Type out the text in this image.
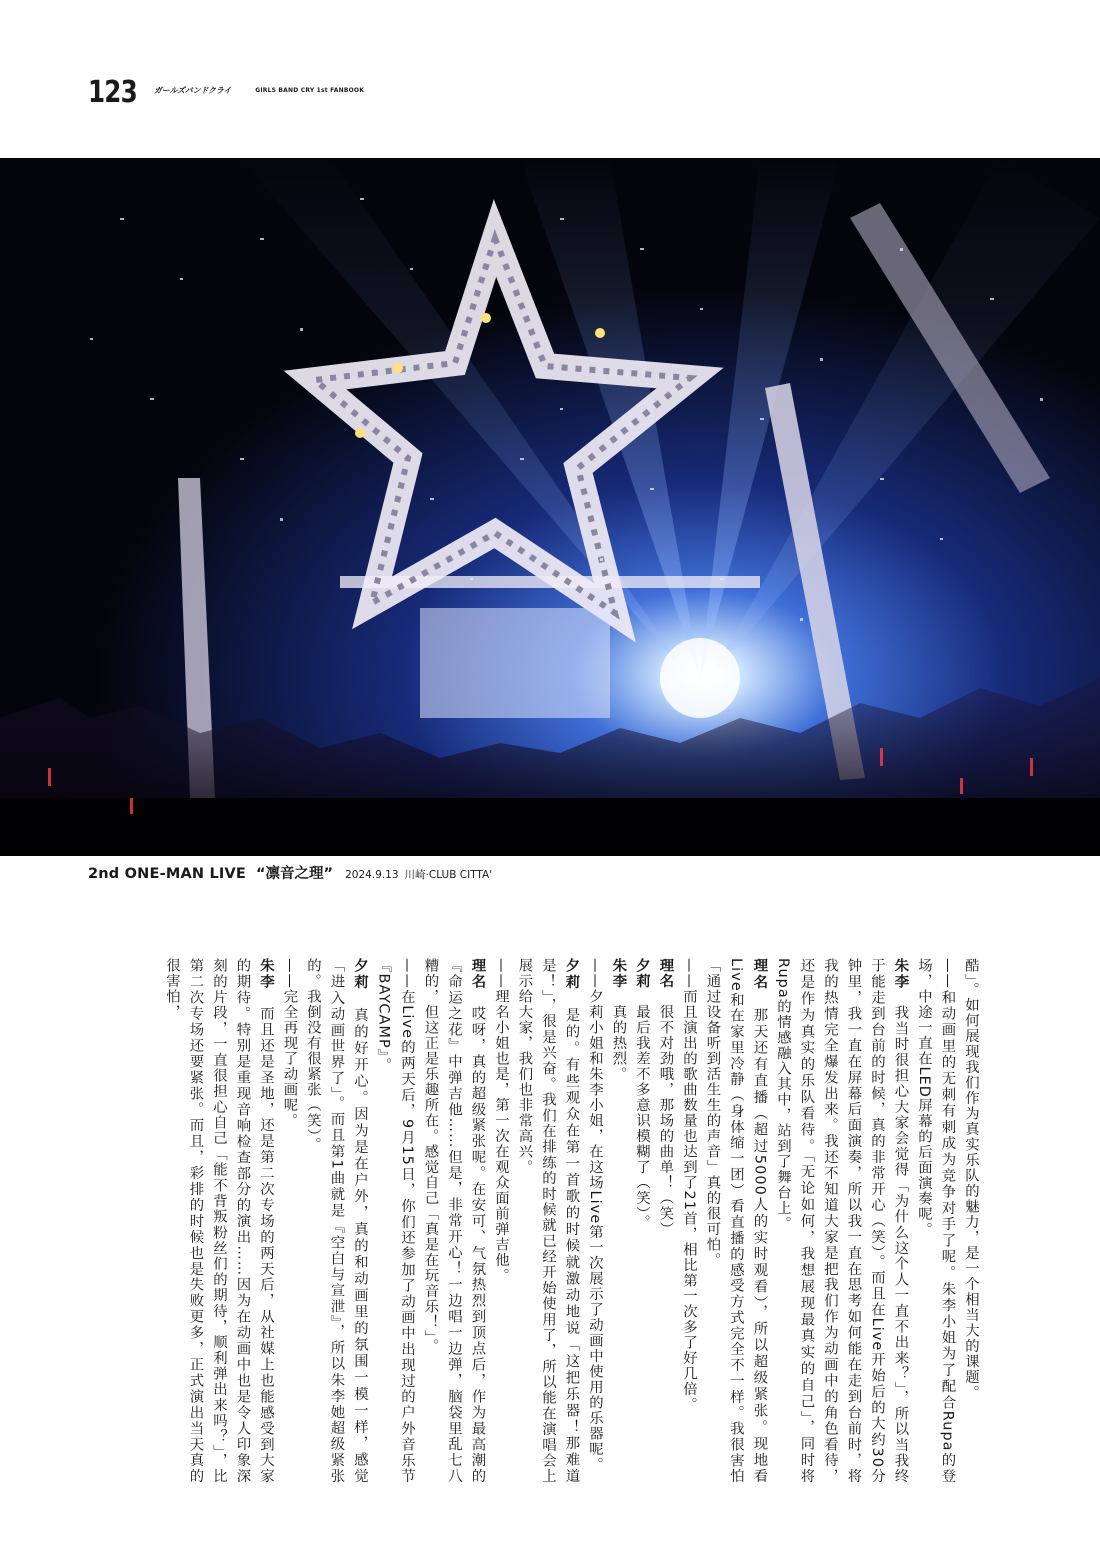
123 ガールズバンドクライ	GIRLS BAND CRY 1st FANBOOK
2nd ONE-MAN LIVE “凛音之理” 2024.9.13 川崎·CLUB CITTA'

酷」。如何展现我们作为真实乐队的魅力，是一个相当大的课题。

——和动画里的无刺有刺成为竞争对手了呢。朱李小姐为了配合Rupa的登场，中途一直在LED屏幕的后面演奏呢。

朱李　我当时很担心大家会觉得「为什么这个人一直不出来？」，所以当我终于能走到台前的时候，真的非常开心（笑）。而且在Live开始后的大约30分钟里，我一直在屏幕后面演奏，所以我一直在思考如何能在走到台前时，将我的热情完全爆发出来。我还不知道大家是把我们作为动画中的角色看待，还是作为真实的乐队看待。「无论如何，我想展现最真实的自己」，同时将Rupa的情感融入其中，站到了舞台上。

理名　那天还有直播（超过5000人的实时观看），所以超级紧张。现地看Live和在家里冷静（身体缩一团）看直播的感受方式完全不一样。我很害怕「通过设备听到活生生的声音」真的很可怕。

——而且演出的歌曲数量也达到了21首，相比第一次多了好几倍。

理名　很不对劲哦，那场的曲单！（笑）

夕莉　最后我差不多意识模糊了（笑）。

朱李　真的热烈。

——夕莉小姐和朱李小姐，在这场Live第一次展示了动画中使用的乐器呢。

夕莉　是的。有些观众在第一首歌的时候就激动地说「这把乐器！那难道是！」，很是兴奋。我们在排练的时候就已经开始使用了，所以能在演唱会上展示给大家，我们也非常高兴。

——理名小姐也是，第一次在观众面前弹吉他。

理名　哎呀，真的超级紧张呢。在安可、气氛热烈到顶点后，作为最高潮的『命运之花』中弹吉他……但是，非常开心！一边唱一边弹，脑袋里乱七八糟的，但这正是乐趣所在。感觉自己「真是在玩音乐！」。

——在Live的两天后，9月15日，你们还参加了动画中出现过的户外音乐节『BAYCAMP』。

夕莉　真的好开心。因为是在户外，真的和动画里的氛围一模一样，感觉「进入动画世界了」。而且第1曲就是『空白与宣泄』，所以朱李她超级紧张的。我倒没有很紧张（笑）。

——完全再现了动画呢。

朱李　而且还是圣地，还是第二次专场的两天后，从社媒上也能感受到大家的期待。特别是重现音响检查部分的演出……因为在动画中也是令人印象深刻的片段，一直很担心自己「能不背叛粉丝们的期待，顺利弹出来吗？」，比第二次专场还要紧张。而且，彩排的时候也是失败更多，正式演出当天真的很害怕，
